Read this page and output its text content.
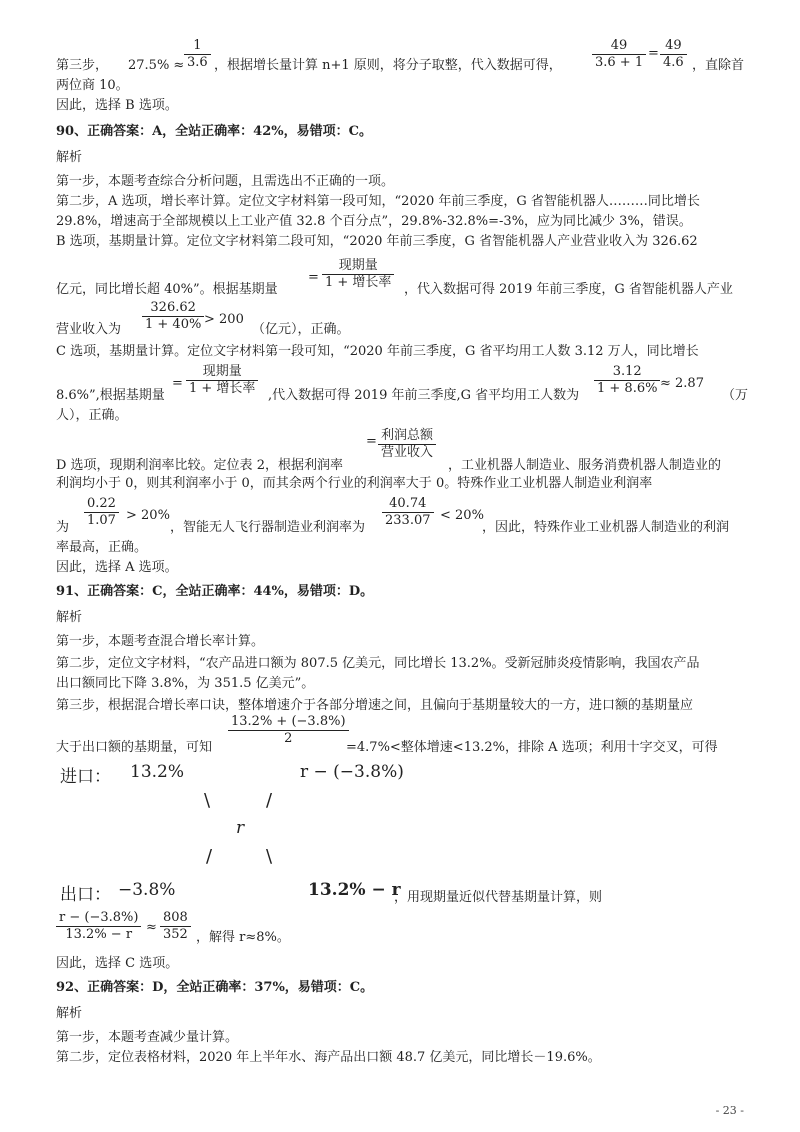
第三步，	$27.5\% \approx \frac{1}{3.6}$ ，根据增长量计算 n+1 原则，将分子取整，代入数据可得， $\frac{49}{3.6 + 1} = \frac{49}{4.6}$ ，直除首
两位商 10。
因此，选择 B 选项。
90、正确答案：A，全站正确率：42%，易错项：C。
解析
第一步，本题考查综合分析问题，且需选出不正确的一项。
第二步，A 选项，增长率计算。定位文字材料第一段可知，“2020 年前三季度，G 省智能机器人………同比增长
29.8%，增速高于全部规模以上工业产值 32.8 个百分点”，29.8%-32.8%=-3%，应为同比减少 3%，错误。
B 选项，基期量计算。定位文字材料第二段可知，“2020 年前三季度，G 省智能机器人产业营业收入为 326.62
亿元，同比增长超 40%”。根据基期量
=
现期量
1 + 增长率 ，代入数据可得 2019 年前三季度，G 省智能机器人产业
营业收入为	$\frac{326.62}{1 + 40\%} > 200$
（亿元），正确。
C 选项，基期量计算。定位文字材料第一段可知，“2020 年前三季度，G 省平均用工人数 3.12 万人，同比增长
8.6%”,根据基期量
=
现期量
1 + 增长率 ,代入数据可得 2019 年前三季度,G 省平均用工人数为 $\frac{3.12}{1 + 8.6\%} \approx 2.87$
（万
人），正确。
= 利润总额
营业收入
D 选项，现期利润率比较。定位表 2，根据利润率	，工业机器人制造业、服务消费机器人制造业的
利润均小于 0，则其利润率小于 0，而其余两个行业的利润率大于 0。特殊作业工业机器人制造业利润率
为	$\frac{0.22}{1.07} > 20\%$
，智能无人飞行器制造业利润率为 $\frac{40.74}{233.07} < 20\%$
，因此，特殊作业工业机器人制造业的利润
率最高，正确。
因此，选择 A 选项。
91、正确答案：C，全站正确率：44%，易错项：D。
解析
第一步，本题考查混合增长率计算。
第二步，定位文字材料，“农产品进口额为 807.5 亿美元，同比增长 13.2%。受新冠肺炎疫情影响，我国农产品
出口额同比下降 3.8%，为 351.5 亿美元”。
第三步，根据混合增长率口诀，整体增速介于各部分增速之间，且偏向于基期量较大的一方，进口额的基期量应
$\frac{13.2\% + (-3.8\%)}{2}$
大于出口额的基期量，可知	=4.7%<整体增速<13.2%，排除 A 选项；利用十字交叉，可得
进口： 13.2%	r − (−3.8%)
\	/
r
/	\
出口： −3.8%	13.2% − r
，用现期量近似代替基期量计算，则
$\frac{r - (-3.8\%)}{13.2\% - r} \approx \frac{808}{352}$ ，解得 r≈8%。
因此，选择 C 选项。
92、正确答案：D，全站正确率：37%，易错项：C。
解析
第一步，本题考查减少量计算。
第二步，定位表格材料，2020 年上半年水、海产品出口额 48.7 亿美元，同比增长－19.6%。
- 23 -
